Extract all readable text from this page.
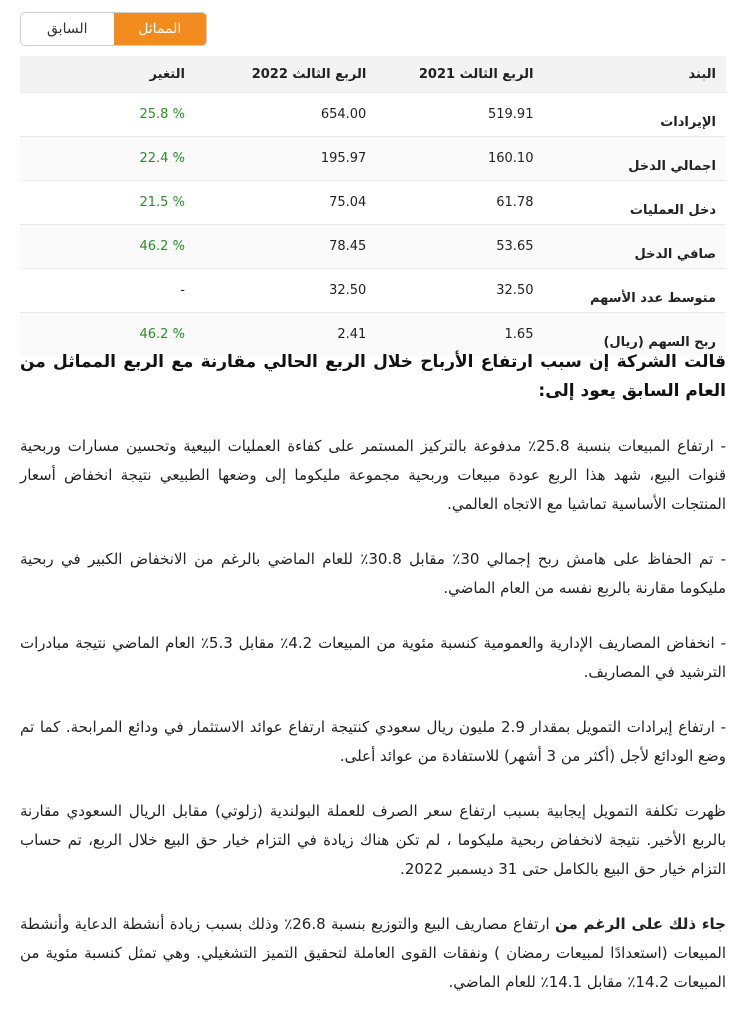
السابق	المماثل
البند	الربع الثالث 2021	الربع الثالث 2022	التغير
الإيرادات	519.91	654.00	% 25.8
اجمالي الدخل	160.10	195.97	% 22.4
دخل العمليات	61.78	75.04	% 21.5
صافي الدخل	53.65	78.45	% 46.2
متوسط عدد الأسهم	32.50	32.50	-
ربح السهم (ريال)	1.65	2.41	% 46.2
قالت الشركة إن سبب ارتفاع الأرباح خلال الربع الحالي مقارنة مع الربع المماثل من العام السابق يعود إلى:

- ارتفاع المبيعات بنسبة 25.8٪ مدفوعة بالتركيز المستمر على كفاءة العمليات البيعية وتحسين مسارات وربحية قنوات البيع، شهد هذا الربع عودة مبيعات وربحية مجموعة مليكوما إلى وضعها الطبيعي نتيجة انخفاض أسعار المنتجات الأساسية تماشيا مع الاتجاه العالمي.

- تم الحفاظ على هامش ربح إجمالي 30٪ مقابل 30.8٪ للعام الماضي بالرغم من الانخفاض الكبير في ربحية مليكوما مقارنة بالربع نفسه من العام الماضي.

- انخفاض المصاريف الإدارية والعمومية كنسبة مئوية من المبيعات 4.2٪ مقابل 5.3٪ العام الماضي نتيجة مبادرات الترشيد في المصاريف.

- ارتفاع إيرادات التمويل بمقدار 2.9 مليون ريال سعودي كنتيجة ارتفاع عوائد الاستثمار في ودائع المرابحة. كما تم وضع الودائع لأجل (أكثر من 3 أشهر) للاستفادة من عوائد أعلى.

ظهرت تكلفة التمويل إيجابية بسبب ارتفاع سعر الصرف للعملة البولندية (زلوتي) مقابل الريال السعودي مقارنة بالربع الأخير. نتيجة لانخفاض ربحية مليكوما ، لم تكن هناك زيادة في التزام خيار حق البيع خلال الربع، تم حساب التزام خيار حق البيع بالكامل حتى 31 ديسمبر 2022.

جاء ذلك على الرغم من ارتفاع مصاريف البيع والتوزيع بنسبة 26.8٪ وذلك بسبب زيادة أنشطة الدعاية وأنشطة المبيعات (استعدادًا لمبيعات رمضان ) ونفقات القوى العاملة لتحقيق التميز التشغيلي. وهي تمثل كنسبة مئوية من المبيعات 14.2٪ مقابل 14.1٪ للعام الماضي.
